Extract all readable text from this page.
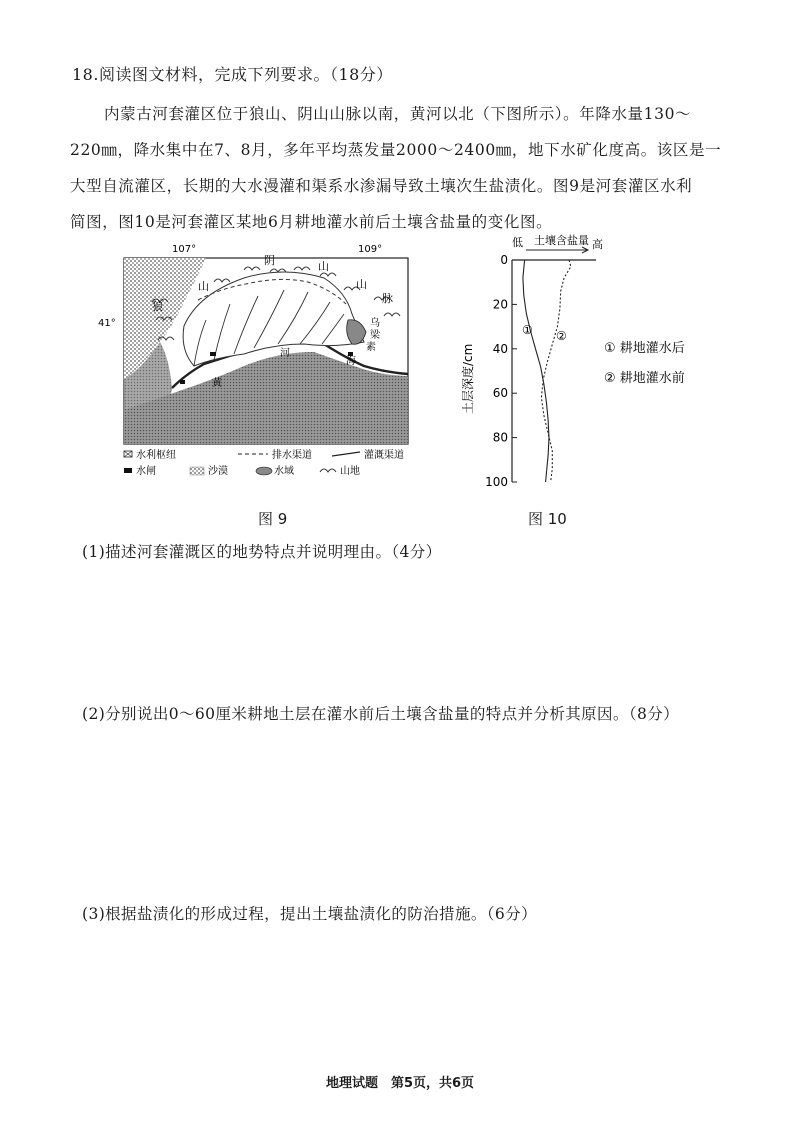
18.阅读图文材料，完成下列要求。（18分）
内蒙古河套灌区位于狼山、阴山山脉以南，黄河以北（下图所示）。年降水量130～
220㎜，降水集中在7、8月，多年平均蒸发量2000～2400㎜，地下水矿化度高。该区是一
大型自流灌区，长期的大水漫灌和渠系水渗漏导致土壤次生盐渍化。图9是河套灌区水利
简图，图10是河套灌区某地6月耕地灌水前后土壤含盐量的变化图。
107°	109°
41°
阴	山
山
脉
狼
山
乌
梁
素
海
黄
河
水利枢纽	排水渠道	灌溉渠道
水闸	沙漠	水域	山地
图 9
低 土壤含盐量 高
土层深度/cm
0
20
40
60
80
100
① ②
① 耕地灌水后
② 耕地灌水前
图 10
(1)描述河套灌溉区的地势特点并说明理由。（4分）
(2)分别说出0～60厘米耕地土层在灌水前后土壤含盐量的特点并分析其原因。（8分）
(3)根据盐渍化的形成过程，提出土壤盐渍化的防治措施。（6分）
地理试题　第5页，共6页
